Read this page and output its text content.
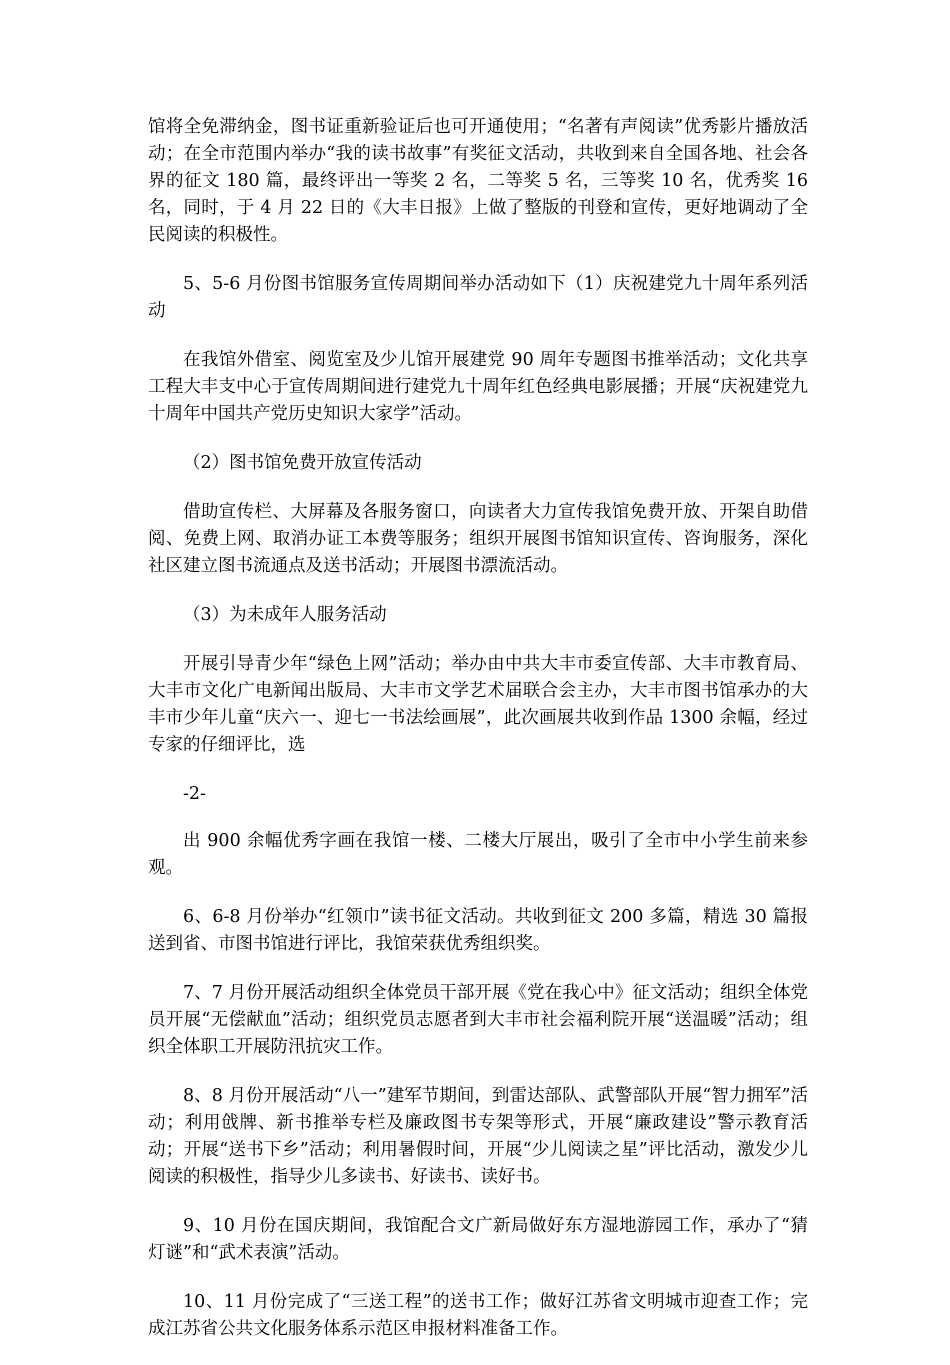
馆将全免滞纳金，图书证重新验证后也可开通使用；“名著有声阅读”优秀影片播放活动；在全市范围内举办“我的读书故事”有奖征文活动，共收到来自全国各地、社会各界的征文 180 篇，最终评出一等奖 2 名，二等奖 5 名，三等奖 10 名，优秀奖 16 名，同时，于 4 月 22 日的《大丰日报》上做了整版的刊登和宣传，更好地调动了全民阅读的积极性。

5、5-6 月份图书馆服务宣传周期间举办活动如下（1）庆祝建党九十周年系列活动

在我馆外借室、阅览室及少儿馆开展建党 90 周年专题图书推举活动；文化共享工程大丰支中心于宣传周期间进行建党九十周年红色经典电影展播；开展“庆祝建党九十周年中国共产党历史知识大家学”活动。

（2）图书馆免费开放宣传活动

借助宣传栏、大屏幕及各服务窗口，向读者大力宣传我馆免费开放、开架自助借阅、免费上网、取消办证工本费等服务；组织开展图书馆知识宣传、咨询服务，深化社区建立图书流通点及送书活动；开展图书漂流活动。

（3）为未成年人服务活动

开展引导青少年“绿色上网”活动；举办由中共大丰市委宣传部、大丰市教育局、大丰市文化广电新闻出版局、大丰市文学艺术届联合会主办，大丰市图书馆承办的大丰市少年儿童“庆六一、迎七一书法绘画展”，此次画展共收到作品 1300 余幅，经过专家的仔细评比，选

-2-

出 900 余幅优秀字画在我馆一楼、二楼大厅展出，吸引了全市中小学生前来参观。

6、6-8 月份举办“红领巾”读书征文活动。共收到征文 200 多篇，精选 30 篇报送到省、市图书馆进行评比，我馆荣获优秀组织奖。

7、7 月份开展活动组织全体党员干部开展《党在我心中》征文活动；组织全体党员开展“无偿献血”活动；组织党员志愿者到大丰市社会福利院开展“送温暖”活动；组织全体职工开展防汛抗灾工作。

8、8 月份开展活动“八一”建军节期间，到雷达部队、武警部队开展“智力拥军”活动；利用戗牌、新书推举专栏及廉政图书专架等形式，开展“廉政建设”警示教育活动；开展“送书下乡”活动；利用暑假时间，开展“少儿阅读之星”评比活动，激发少儿阅读的积极性，指导少儿多读书、好读书、读好书。

9、10 月份在国庆期间，我馆配合文广新局做好东方湿地游园工作，承办了“猜灯谜”和“武术表演”活动。

10、11 月份完成了“三送工程”的送书工作；做好江苏省文明城市迎查工作；完成江苏省公共文化服务体系示范区申报材料准备工作。
